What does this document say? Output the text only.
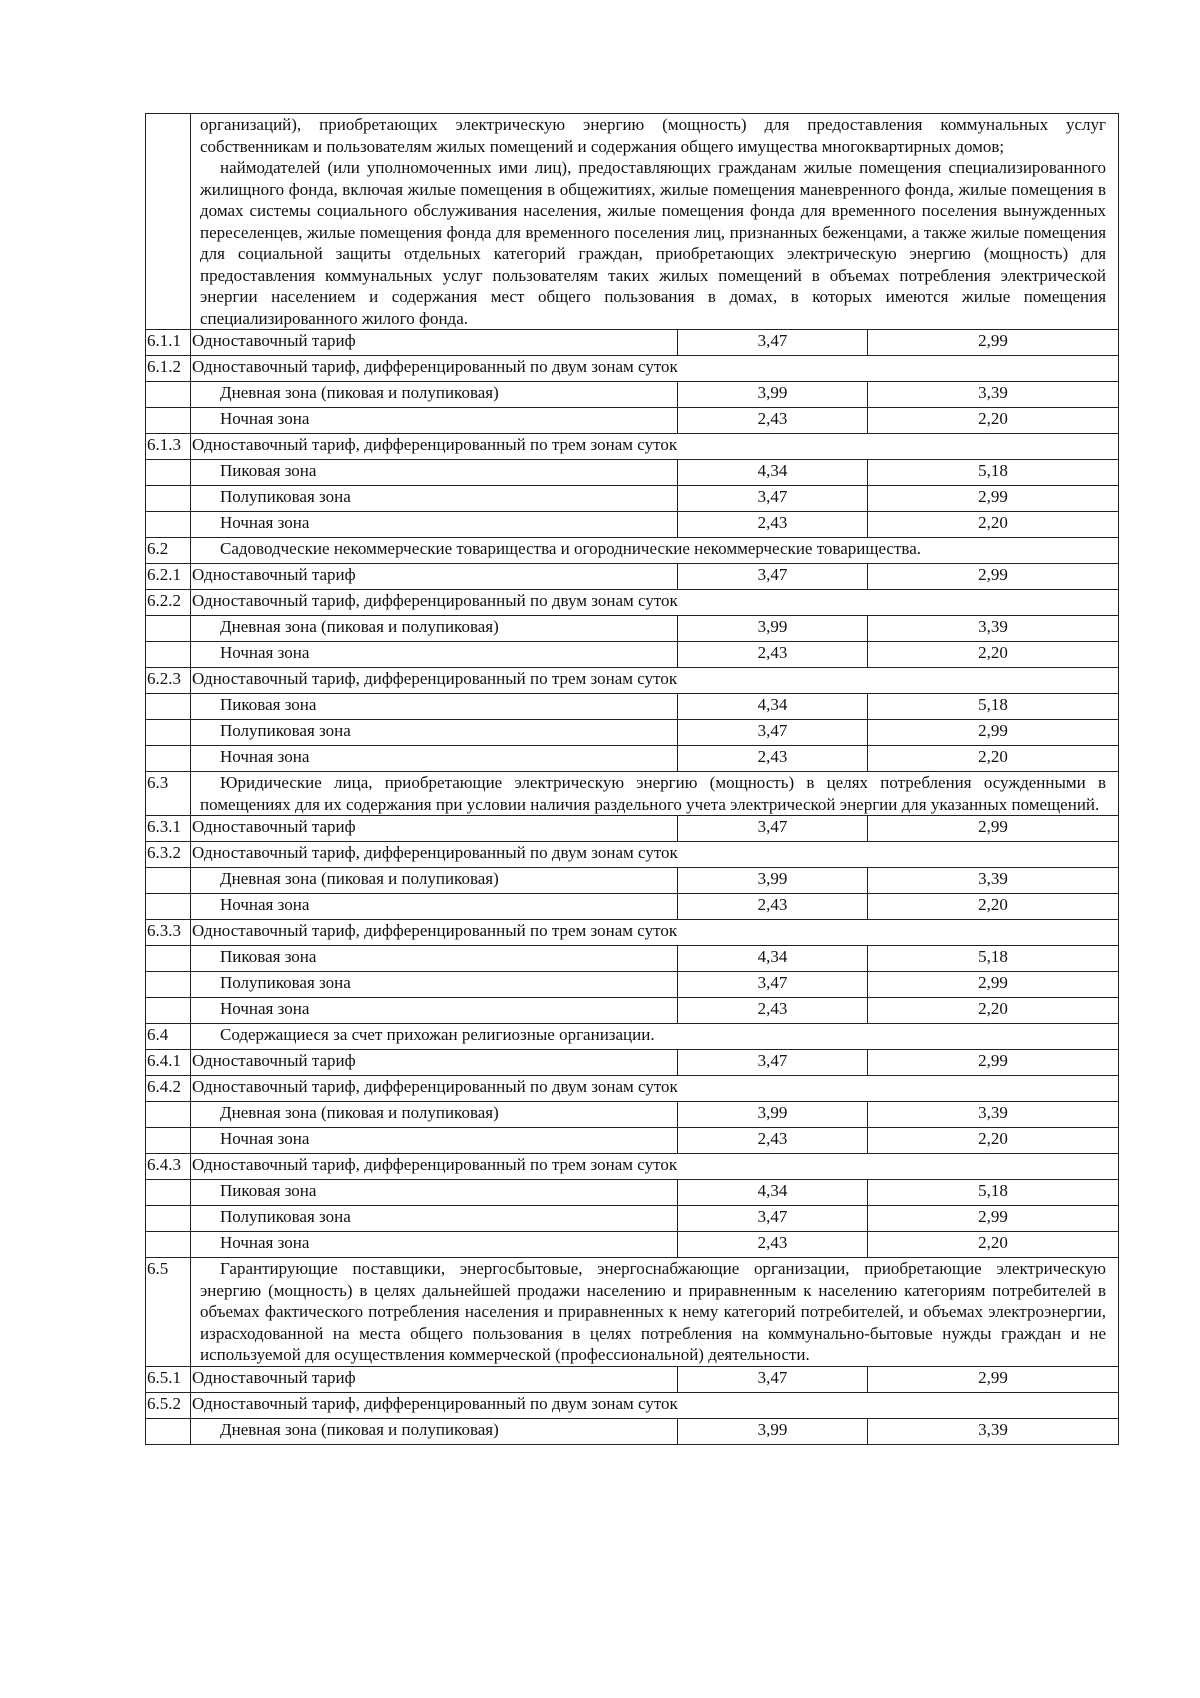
	организаций), приобретающих электрическую энергию (мощность) для предоставления коммунальных услуг собственникам и пользователям жилых помещений и содержания общего имущества многоквартирных домов;

наймодателей (или уполномоченных ими лиц), предоставляющих гражданам жилые помещения специализированного жилищного фонда, включая жилые помещения в общежитиях, жилые помещения маневренного фонда, жилые помещения в домах системы социального обслуживания населения, жилые помещения фонда для временного поселения вынужденных переселенцев, жилые помещения фонда для временного поселения лиц, признанных беженцами, а также жилые помещения для социальной защиты отдельных категорий граждан, приобретающих электрическую энергию (мощность) для предоставления коммунальных услуг пользователям таких жилых помещений в объемах потребления электрической энергии населением и содержания мест общего пользования в домах, в которых имеются жилые помещения специализированного жилого фонда.		

6.1.1	Одноставочный тариф	3,47	2,99
6.1.2	Одноставочный тариф, дифференцированный по двум зонам суток		
	Дневная зона (пиковая и полупиковая)	3,99	3,39
	Ночная зона	2,43	2,20
6.1.3	Одноставочный тариф, дифференцированный по трем зонам суток		
	Пиковая зона	4,34	5,18
	Полупиковая зона	3,47	2,99
	Ночная зона	2,43	2,20
6.2	Садоводческие некоммерческие товарищества и огороднические некоммерческие товарищества.		

6.2.1	Одноставочный тариф	3,47	2,99
6.2.2	Одноставочный тариф, дифференцированный по двум зонам суток		
	Дневная зона (пиковая и полупиковая)	3,99	3,39
	Ночная зона	2,43	2,20
6.2.3	Одноставочный тариф, дифференцированный по трем зонам суток		
	Пиковая зона	4,34	5,18
	Полупиковая зона	3,47	2,99
	Ночная зона	2,43	2,20
6.3	Юридические лица, приобретающие электрическую энергию (мощность) в целях потребления осужденными в помещениях для их содержания при условии наличия раздельного учета электрической энергии для указанных помещений.		

6.3.1	Одноставочный тариф	3,47	2,99
6.3.2	Одноставочный тариф, дифференцированный по двум зонам суток		
	Дневная зона (пиковая и полупиковая)	3,99	3,39
	Ночная зона	2,43	2,20
6.3.3	Одноставочный тариф, дифференцированный по трем зонам суток		
	Пиковая зона	4,34	5,18
	Полупиковая зона	3,47	2,99
	Ночная зона	2,43	2,20
6.4	Содержащиеся за счет прихожан религиозные организации.		

6.4.1	Одноставочный тариф	3,47	2,99
6.4.2	Одноставочный тариф, дифференцированный по двум зонам суток		
	Дневная зона (пиковая и полупиковая)	3,99	3,39
	Ночная зона	2,43	2,20
6.4.3	Одноставочный тариф, дифференцированный по трем зонам суток		
	Пиковая зона	4,34	5,18
	Полупиковая зона	3,47	2,99
	Ночная зона	2,43	2,20
6.5	Гарантирующие поставщики, энергосбытовые, энергоснабжающие организации, приобретающие электрическую энергию (мощность) в целях дальнейшей продажи населению и приравненным к населению категориям потребителей в объемах фактического потребления населения и приравненных к нему категорий потребителей, и объемах электроэнергии, израсходованной на места общего пользования в целях потребления на коммунально-бытовые нужды граждан и не используемой для осуществления коммерческой (профессиональной) деятельности.		

6.5.1	Одноставочный тариф	3,47	2,99
6.5.2	Одноставочный тариф, дифференцированный по двум зонам суток		
	Дневная зона (пиковая и полупиковая)	3,99	3,39
